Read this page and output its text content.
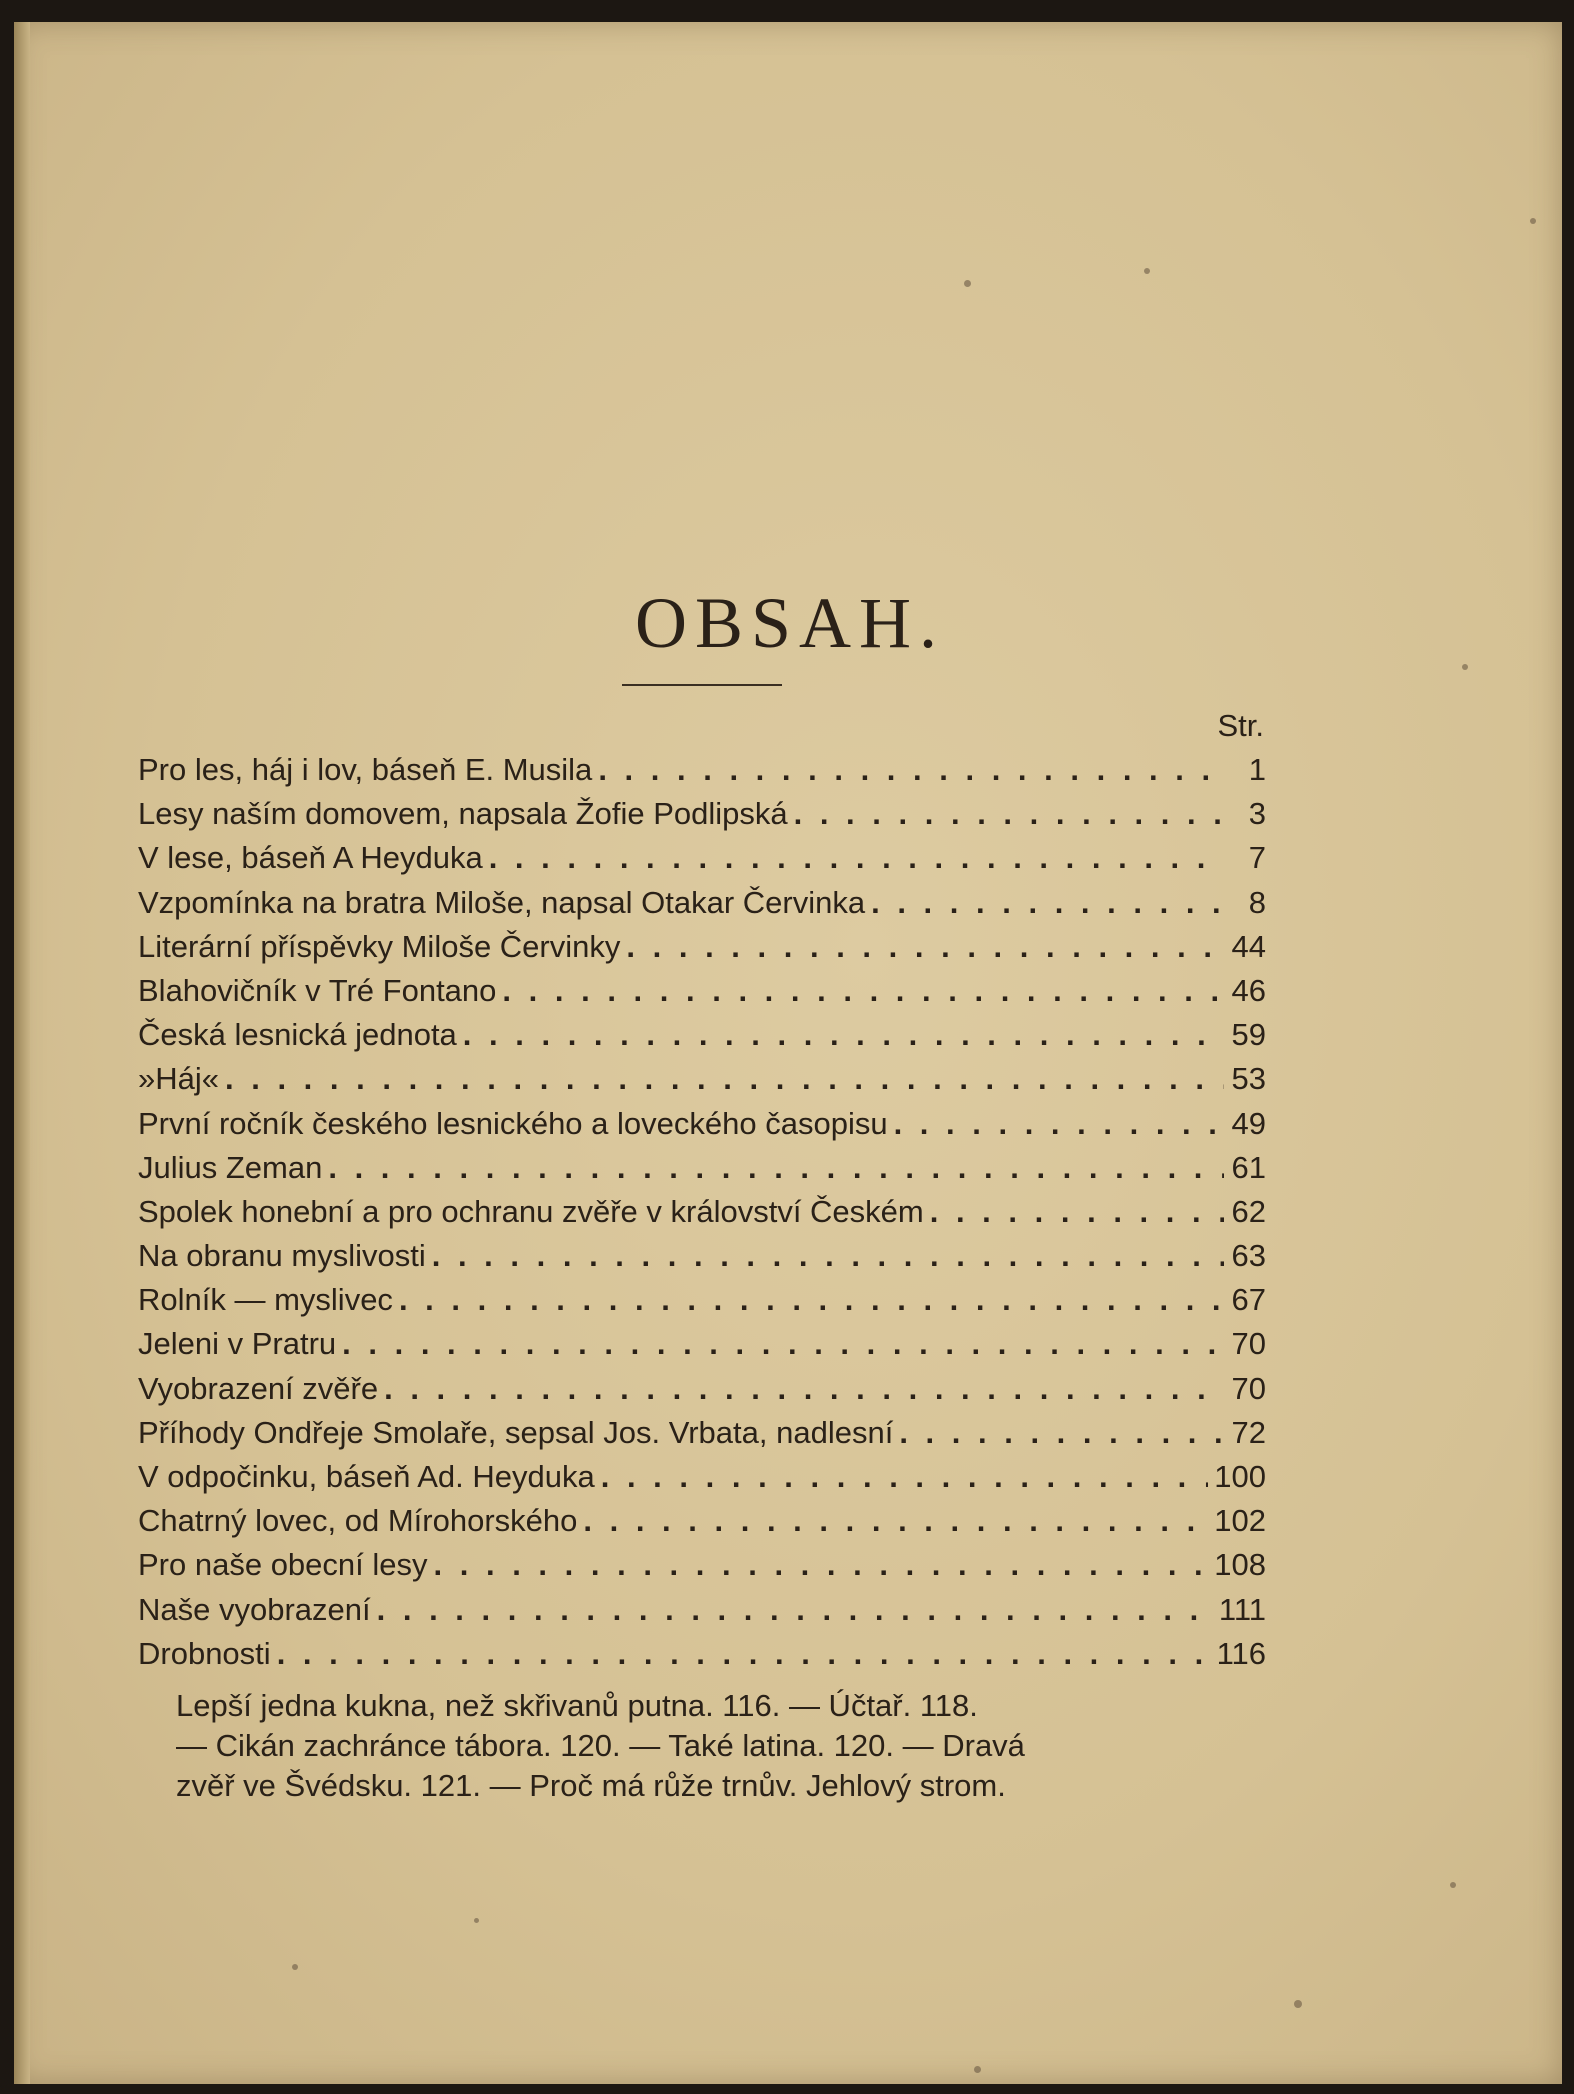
OBSAH.
Str.
Pro les, háj i lov, báseň E. Musila . . .	1
Lesy naším domovem, napsala Žofie Podlipská . . .	3
V lese, báseň A Heyduka . . .	7
Vzpomínka na bratra Miloše, napsal Otakar Červinka . . .	8
Literární příspěvky Miloše Červinky . . .	44
Blahovičník v Tré Fontano . . .	46
Česká lesnická jednota . . .	59
»Háj« . . .	53
První ročník českého lesnického a loveckého časopisu . . .	49
Julius Zeman . . .	61
Spolek honební a pro ochranu zvěře v království Českém . . .	62
Na obranu myslivosti . . .	63
Rolník — myslivec . . .	67
Jeleni v Pratru . . .	70
Vyobrazení zvěře . . .	70
Příhody Ondřeje Smolaře, sepsal Jos. Vrbata, nadlesní . . .	72
V odpočinku, báseň Ad. Heyduka . . .	100
Chatrný lovec, od Mírohorského . . .	102
Pro naše obecní lesy . . .	108
Naše vyobrazení . . .	111
Drobnosti . . .	116
Lepší jedna kukna, než skřivanů putna. 116. — Účtař. 118.
— Cikán zachránce tábora. 120. — Také latina. 120. — Dravá
zvěř ve Švédsku. 121. — Proč má růže trnův. Jehlový strom.
